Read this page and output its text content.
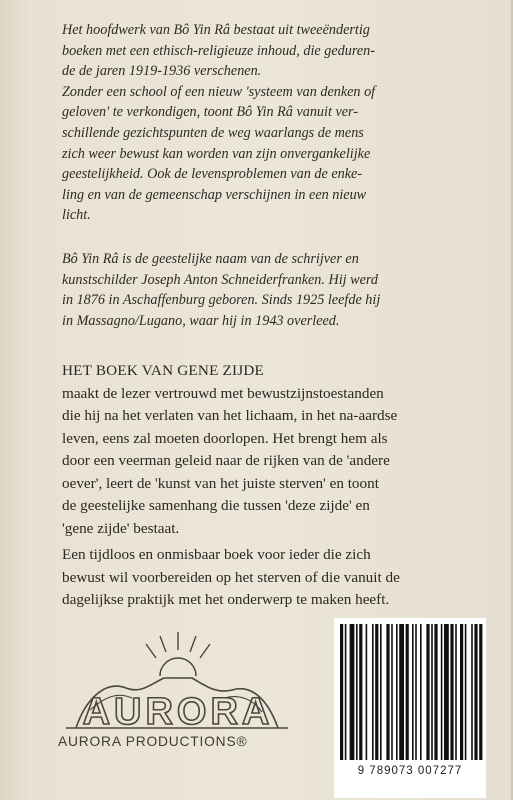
Het hoofdwerk van Bô Yin Râ bestaat uit tweeëndertig
boeken met een ethisch-religieuze inhoud, die geduren-
de de jaren 1919-1936 verschenen.
Zonder een school of een nieuw 'systeem van denken of
geloven' te verkondigen, toont Bô Yin Râ vanuit ver-
schillende gezichtspunten de weg waarlangs de mens
zich weer bewust kan worden van zijn onvergankelijke
geestelijkheid. Ook de levensproblemen van de enke-
ling en van de gemeenschap verschijnen in een nieuw
licht.
Bô Yin Râ is de geestelijke naam van de schrijver en
kunstschilder Joseph Anton Schneiderfranken. Hij werd
in 1876 in Aschaffenburg geboren. Sinds 1925 leefde hij
in Massagno/Lugano, waar hij in 1943 overleed.
HET BOEK VAN GENE ZIJDE
maakt de lezer vertrouwd met bewustzijnstoestanden
die hij na het verlaten van het lichaam, in het na-aardse
leven, eens zal moeten doorlopen. Het brengt hem als
door een veerman geleid naar de rijken van de 'andere
oever', leert de 'kunst van het juiste sterven' en toont
de geestelijke samenhang die tussen 'deze zijde' en
'gene zijde' bestaat.
Een tijdloos en onmisbaar boek voor ieder die zich
bewust wil voorbereiden op het sterven of die vanuit de
dagelijkse praktijk met het onderwerp te maken heeft.
AURORA
AURORA PRODUCTIONS®
9 789073 007277
